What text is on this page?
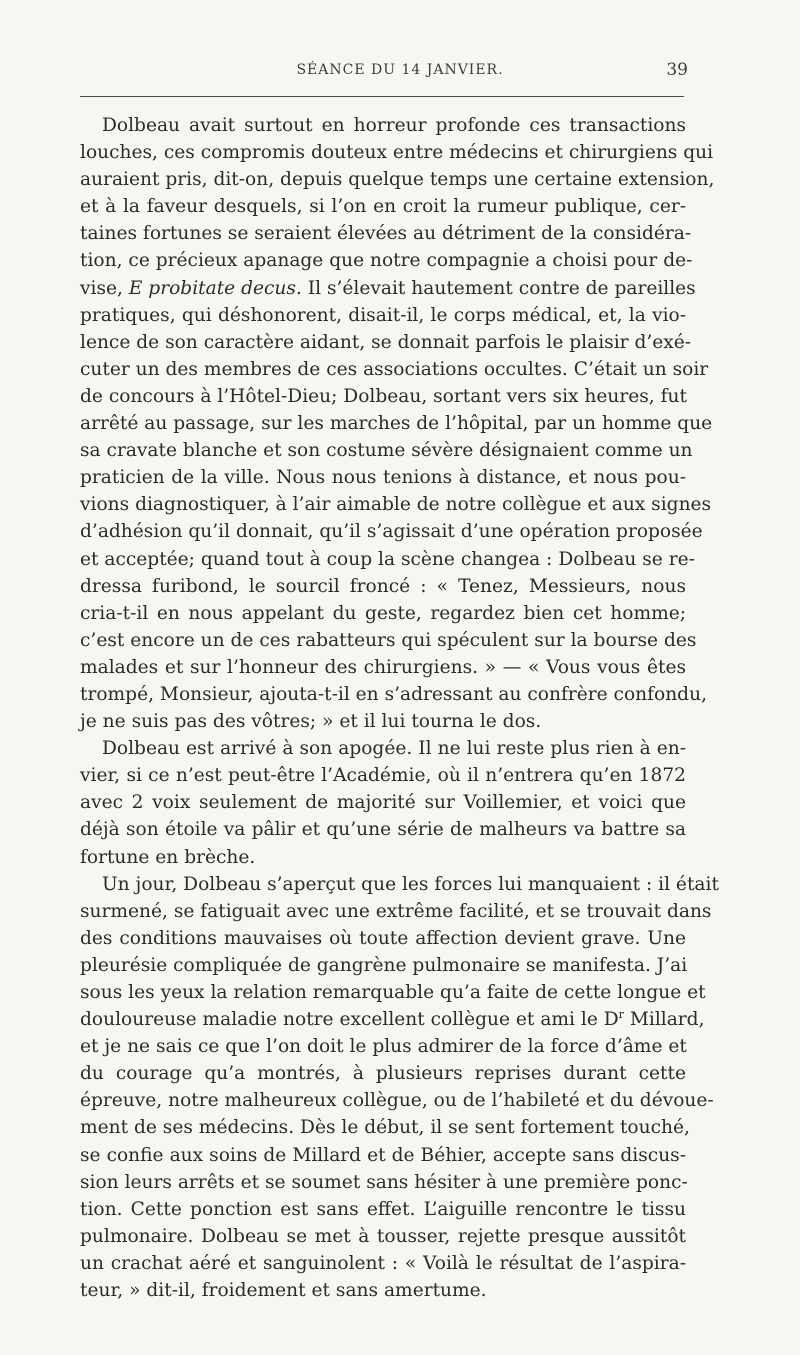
SÉANCE DU 14 JANVIER.	39
Dolbeau avait surtout en horreur profonde ces transactions
louches, ces compromis douteux entre médecins et chirurgiens qui
auraient pris, dit-on, depuis quelque temps une certaine extension,
et à la faveur desquels, si l’on en croit la rumeur publique, cer-
taines fortunes se seraient élevées au détriment de la considéra-
tion, ce précieux apanage que notre compagnie a choisi pour de-
vise, E probitate decus. Il s’élevait hautement contre de pareilles
pratiques, qui déshonorent, disait-il, le corps médical, et, la vio-
lence de son caractère aidant, se donnait parfois le plaisir d’exé-
cuter un des membres de ces associations occultes. C’était un soir
de concours à l’Hôtel-Dieu; Dolbeau, sortant vers six heures, fut
arrêté au passage, sur les marches de l’hôpital, par un homme que
sa cravate blanche et son costume sévère désignaient comme un
praticien de la ville. Nous nous tenions à distance, et nous pou-
vions diagnostiquer, à l’air aimable de notre collègue et aux signes
d’adhésion qu’il donnait, qu’il s’agissait d’une opération proposée
et acceptée; quand tout à coup la scène changea : Dolbeau se re-
dressa furibond, le sourcil froncé : « Tenez, Messieurs, nous
cria-t-il en nous appelant du geste, regardez bien cet homme;
c’est encore un de ces rabatteurs qui spéculent sur la bourse des
malades et sur l’honneur des chirurgiens. » — « Vous vous êtes
trompé, Monsieur, ajouta-t-il en s’adressant au confrère confondu,
je ne suis pas des vôtres; » et il lui tourna le dos.
Dolbeau est arrivé à son apogée. Il ne lui reste plus rien à en-
vier, si ce n’est peut-être l’Académie, où il n’entrera qu’en 1872
avec 2 voix seulement de majorité sur Voillemier, et voici que
déjà son étoile va pâlir et qu’une série de malheurs va battre sa
fortune en brèche.
Un jour, Dolbeau s’aperçut que les forces lui manquaient : il était
surmené, se fatiguait avec une extrême facilité, et se trouvait dans
des conditions mauvaises où toute affection devient grave. Une
pleurésie compliquée de gangrène pulmonaire se manifesta. J’ai
sous les yeux la relation remarquable qu’a faite de cette longue et
douloureuse maladie notre excellent collègue et ami le $D^r$ Millard,
et je ne sais ce que l’on doit le plus admirer de la force d’âme et
du courage qu’a montrés, à plusieurs reprises durant cette
épreuve, notre malheureux collègue, ou de l’habileté et du dévoue-
ment de ses médecins. Dès le début, il se sent fortement touché,
se confie aux soins de Millard et de Béhier, accepte sans discus-
sion leurs arrêts et se soumet sans hésiter à une première ponc-
tion. Cette ponction est sans effet. L’aiguille rencontre le tissu
pulmonaire. Dolbeau se met à tousser, rejette presque aussitôt
un crachat aéré et sanguinolent : « Voilà le résultat de l’aspira-
teur, » dit-il, froidement et sans amertume.
